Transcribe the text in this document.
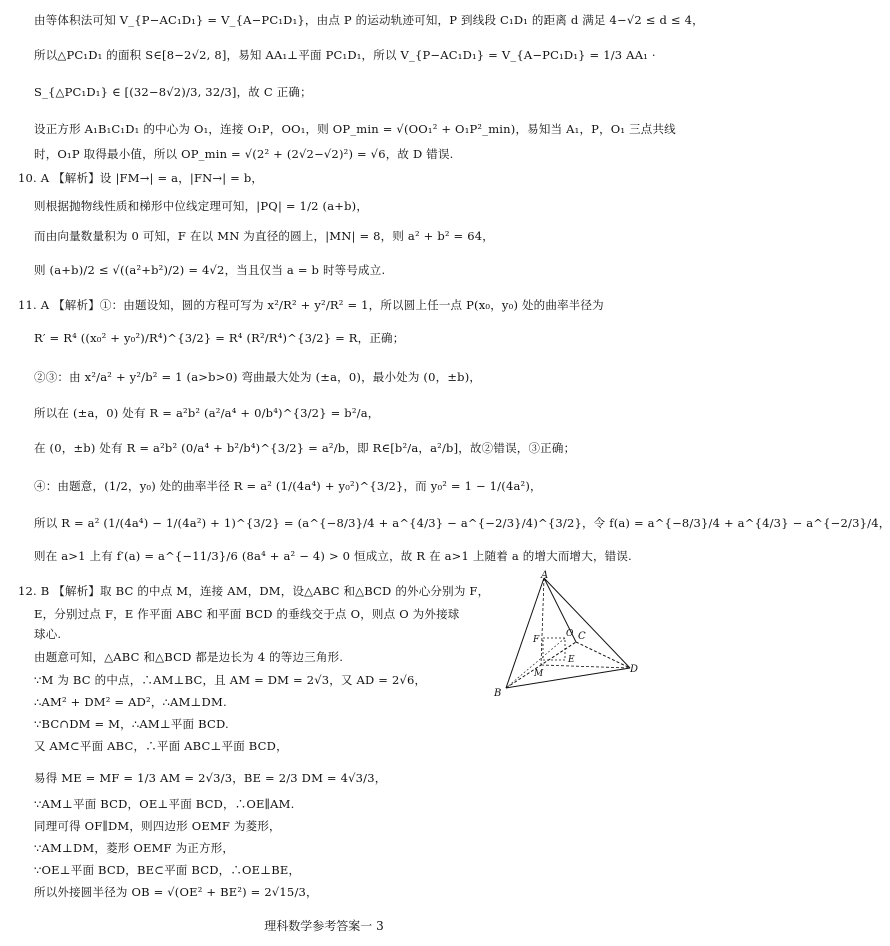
由等体积法可知 V_{P−AC₁D₁} = V_{A−PC₁D₁}，由点 P 的运动轨迹可知，P 到线段 C₁D₁ 的距离 d 满足 4−√2 ≤ d ≤ 4，
所以△PC₁D₁ 的面积 S∈[8−2√2, 8]，易知 AA₁⊥平面 PC₁D₁，所以 V_{P−AC₁D₁} = V_{A−PC₁D₁} = 1/3 AA₁ ·
S_{△PC₁D₁} ∈ [(32−8√2)/3, 32/3]，故 C 正确；
设正方形 A₁B₁C₁D₁ 的中心为 O₁，连接 O₁P，OO₁，则 OP_min = √(OO₁² + O₁P²_min)，易知当 A₁，P，O₁ 三点共线
时，O₁P 取得最小值，所以 OP_min = √(2² + (2√2−√2)²) = √6，故 D 错误.
10. A 【解析】设 |FM→| = a，|FN→| = b，
则根据抛物线性质和梯形中位线定理可知，|PQ| = 1/2 (a+b)，
而由向量数量积为 0 可知，F 在以 MN 为直径的圆上，|MN| = 8，则 a² + b² = 64，
则 (a+b)/2 ≤ √((a²+b²)/2) = 4√2，当且仅当 a = b 时等号成立.
11. A 【解析】①：由题设知，圆的方程可写为 x²/R² + y²/R² = 1，所以圆上任一点 P(x₀，y₀) 处的曲率半径为
R′ = R⁴ ((x₀² + y₀²)/R⁴)^{3/2} = R⁴ (R²/R⁴)^{3/2} = R，正确；
②③：由 x²/a² + y²/b² = 1 (a>b>0) 弯曲最大处为 (±a，0)，最小处为 (0，±b)，
所以在 (±a，0) 处有 R = a²b² (a²/a⁴ + 0/b⁴)^{3/2} = b²/a，
在 (0，±b) 处有 R = a²b² (0/a⁴ + b²/b⁴)^{3/2} = a²/b，即 R∈[b²/a，a²/b]，故②错误，③正确；
④：由题意，(1/2，y₀) 处的曲率半径 R = a² (1/(4a⁴) + y₀²)^{3/2}，而 y₀² = 1 − 1/(4a²)，
所以 R = a² (1/(4a⁴) − 1/(4a²) + 1)^{3/2} = (a^{−8/3}/4 + a^{4/3} − a^{−2/3}/4)^{3/2}，令 f(a) = a^{−8/3}/4 + a^{4/3} − a^{−2/3}/4，
则在 a>1 上有 f′(a) = a^{−11/3}/6 (8a⁴ + a² − 4) > 0 恒成立，故 R 在 a>1 上随着 a 的增大而增大，错误.
12. B 【解析】取 BC 的中点 M，连接 AM，DM，设△ABC 和△BCD 的外心分别为 F，
E，分别过点 F，E 作平面 ABC 和平面 BCD 的垂线交于点 O，则点 O 为外接球
球心.
由题意可知，△ABC 和△BCD 都是边长为 4 的等边三角形.
∵M 为 BC 的中点，∴AM⊥BC，且 AM = DM = 2√3，又 AD = 2√6，
∴AM² + DM² = AD²，∴AM⊥DM.
∵BC∩DM = M，∴AM⊥平面 BCD.
又 AM⊂平面 ABC，∴平面 ABC⊥平面 BCD，
易得 ME = MF = 1/3 AM = 2√3/3，BE = 2/3 DM = 4√3/3，
∵AM⊥平面 BCD，OE⊥平面 BCD，∴OE∥AM.
同理可得 OF∥DM，则四边形 OEMF 为菱形，
∵AM⊥DM，菱形 OEMF 为正方形，
∵OE⊥平面 BCD，BE⊂平面 BCD，∴OE⊥BE，
所以外接圆半径为 OB = √(OE² + BE²) = 2√15/3，
A
B
C
D
F
O
E
M
理科数学参考答案一 3
